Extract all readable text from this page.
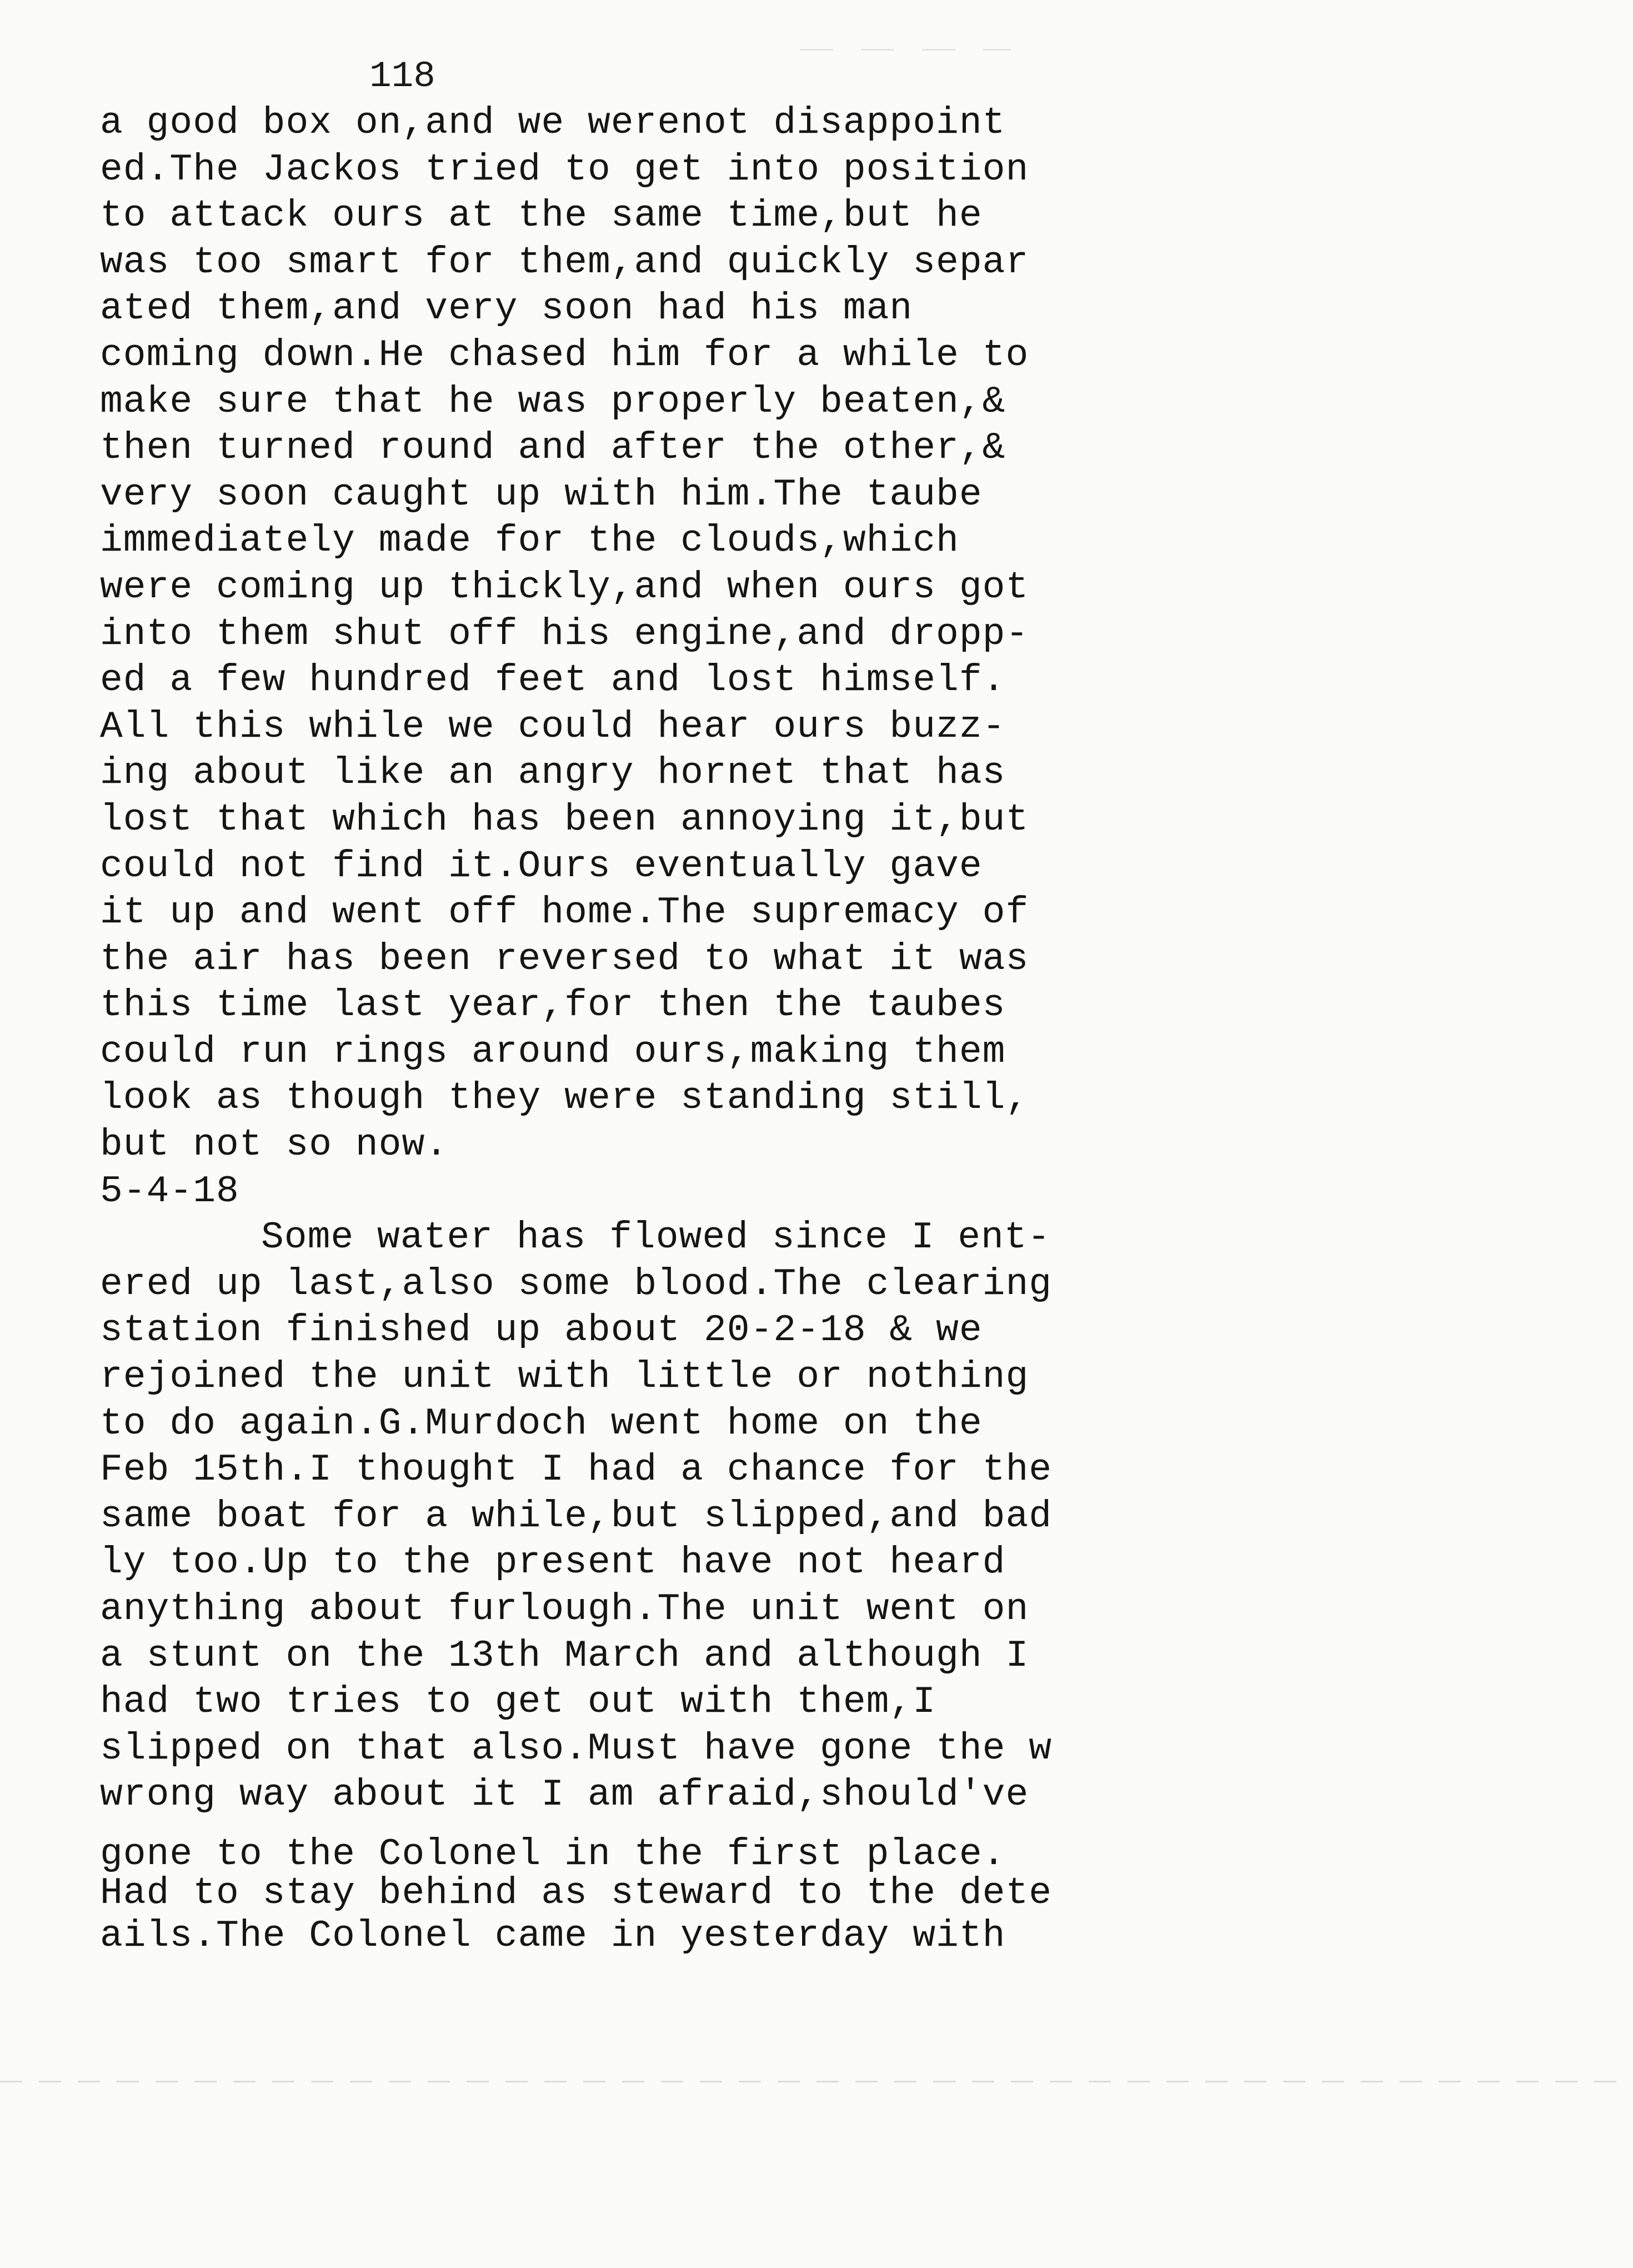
118
a good box on,and we werenot disappoint
ed.The Jackos tried to get into position
to attack ours at the same time,but he
was too smart for them,and quickly separ
ated them,and very soon had his man
coming down.He chased him for a while to
make sure that he was properly beaten,&
then turned round and after the other,&
very soon caught up with him.The taube
immediately made for the clouds,which
were coming up thickly,and when ours got
into them shut off his engine,and dropp-
ed a few hundred feet and lost himself.
All this while we could hear ours buzz-
ing about like an angry hornet that has
lost that which has been annoying it,but
could not find it.Ours eventually gave
it up and went off home.The supremacy of
the air has been reversed to what it was
this time last year,for then the taubes
could run rings around ours,making them
look as though they were standing still,
but not so now.
5-4-18
Some water has flowed since I ent-
ered up last,also some blood.The clearing
station finished up about 20-2-18 & we
rejoined the unit with little or nothing
to do again.G.Murdoch went home on the
Feb 15th.I thought I had a chance for the
same boat for a while,but slipped,and bad
ly too.Up to the present have not heard
anything about furlough.The unit went on
a stunt on the 13th March and although I
had two tries to get out with them,I
slipped on that also.Must have gone the w
wrong way about it I am afraid,should've
gone to the Colonel in the first place.
Had to stay behind as steward to the dete
ails.The Colonel came in yesterday with
